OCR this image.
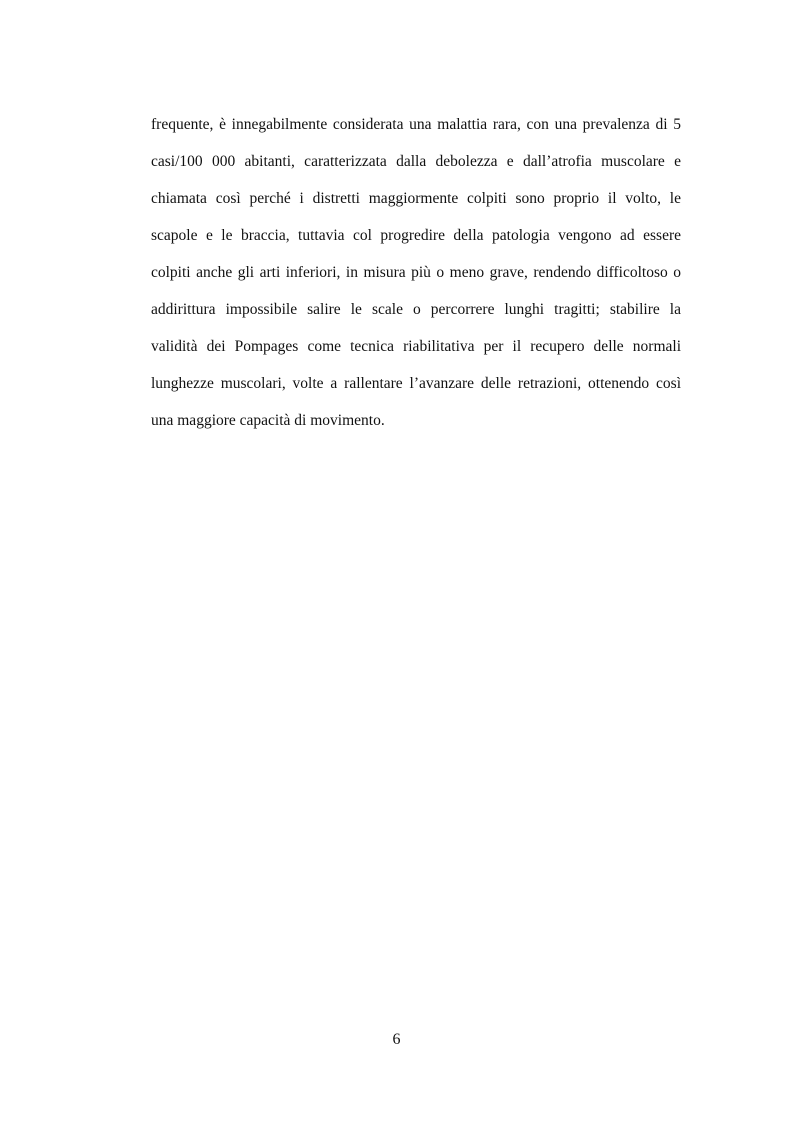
frequente, è innegabilmente considerata una malattia rara, con una prevalenza di 5
casi/100 000 abitanti, caratterizzata dalla debolezza e dall’atrofia muscolare e
chiamata così perché i distretti maggiormente colpiti sono proprio il volto, le
scapole e le braccia, tuttavia col progredire della patologia vengono ad essere
colpiti anche gli arti inferiori, in misura più o meno grave, rendendo difficoltoso o
addirittura impossibile salire le scale o percorrere lunghi tragitti; stabilire la
validità dei Pompages come tecnica riabilitativa per il recupero delle normali
lunghezze muscolari, volte a rallentare l’avanzare delle retrazioni, ottenendo così
una maggiore capacità di movimento.

6
